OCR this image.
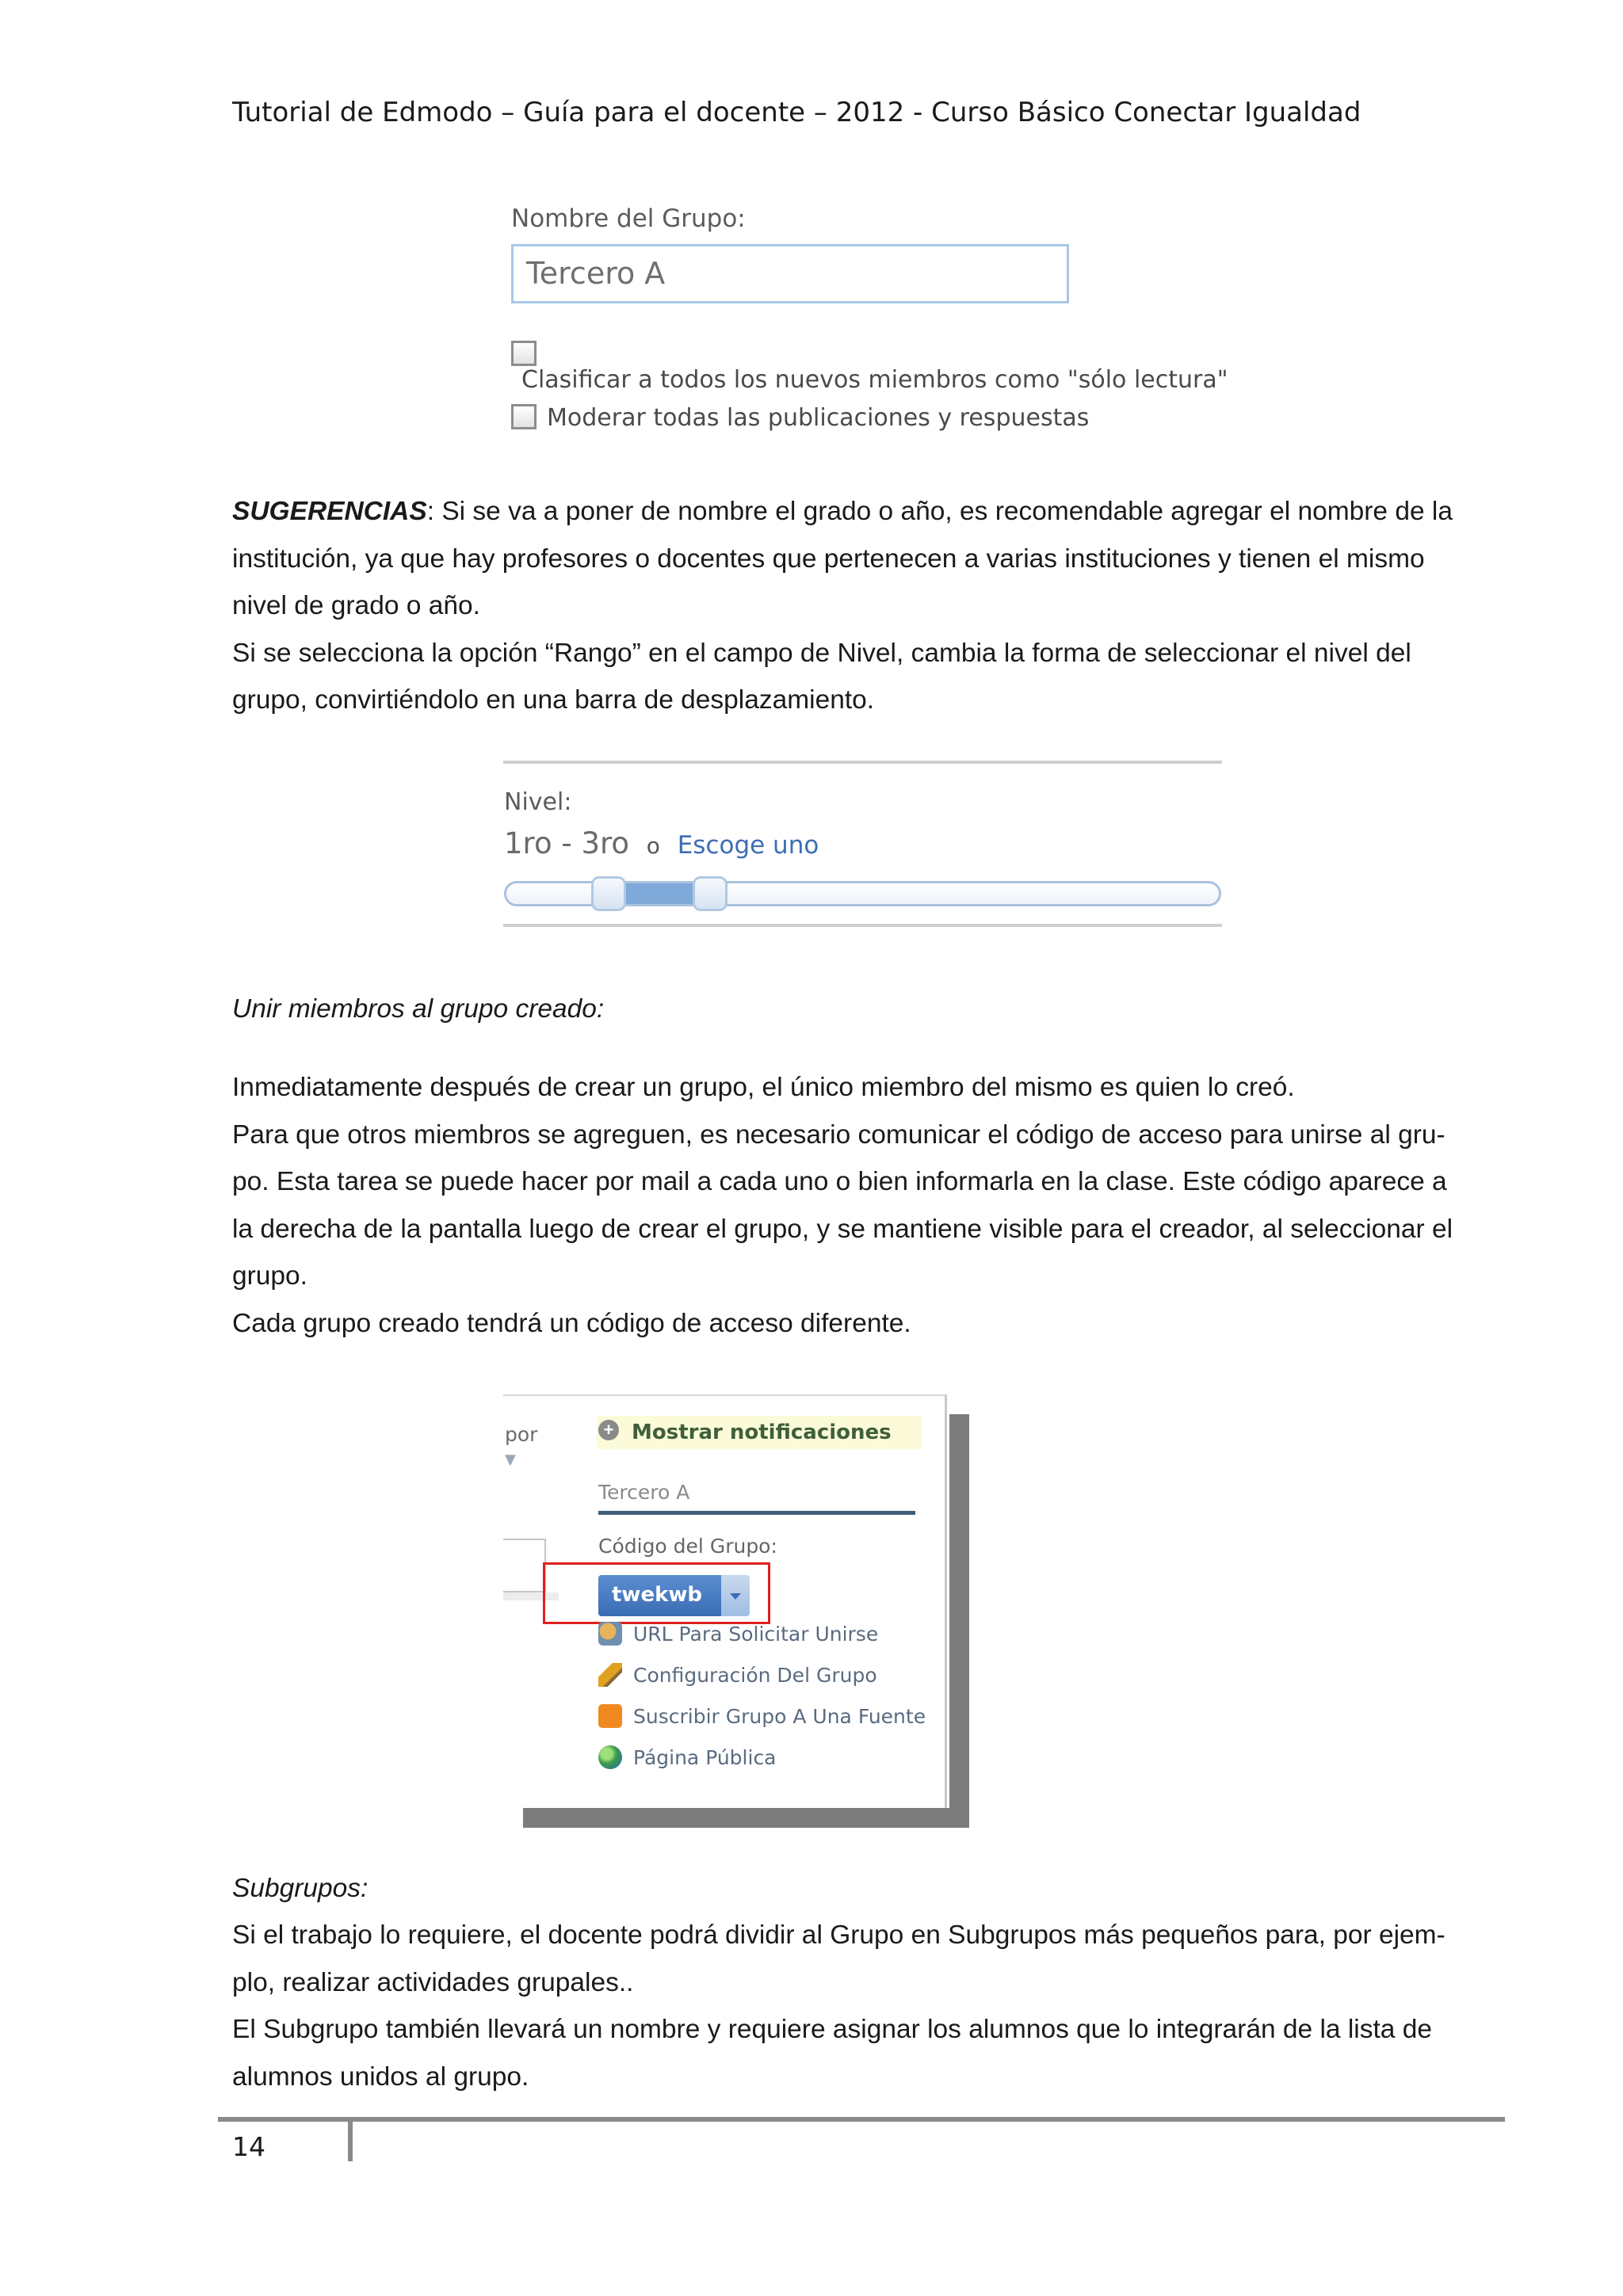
Tutorial de Edmodo – Guía para el docente – 2012 - Curso Básico Conectar Igualdad
Nombre del Grupo:
Tercero A
Clasificar a todos los nuevos miembros como "sólo lectura"
Moderar todas las publicaciones y respuestas
SUGERENCIAS: Si se va a poner de nombre el grado o año, es recomendable agregar el nombre de la
institución, ya que hay profesores o docentes que pertenecen a varias instituciones y tienen el mismo
nivel de grado o año.
Si se selecciona la opción “Rango” en el campo de Nivel, cambia la forma de seleccionar el nivel del
grupo, convirtiéndolo en una barra de desplazamiento.
Nivel:
1ro - 3ro o Escoge uno
Unir miembros al grupo creado:
Inmediatamente después de crear un grupo, el único miembro del mismo es quien lo creó.
Para que otros miembros se agreguen, es necesario comunicar el código de acceso para unirse al gru-
po. Esta tarea se puede hacer por mail a cada uno o bien informarla en la clase. Este código aparece a
la derecha de la pantalla luego de crear el grupo, y se mantiene visible para el creador, al seleccionar el
grupo.
Cada grupo creado tendrá un código de acceso diferente.
por ▼
+ Mostrar notificaciones
Tercero A
Código del Grupo:
twekwb
URL Para Solicitar Unirse
Configuración Del Grupo
Suscribir Grupo A Una Fuente
Página Pública
Subgrupos:
Si el trabajo lo requiere, el docente podrá dividir al Grupo en Subgrupos más pequeños para, por ejem-
plo, realizar actividades grupales..
El Subgrupo también llevará un nombre y requiere asignar los alumnos que lo integrarán de la lista de
alumnos unidos al grupo.
14
